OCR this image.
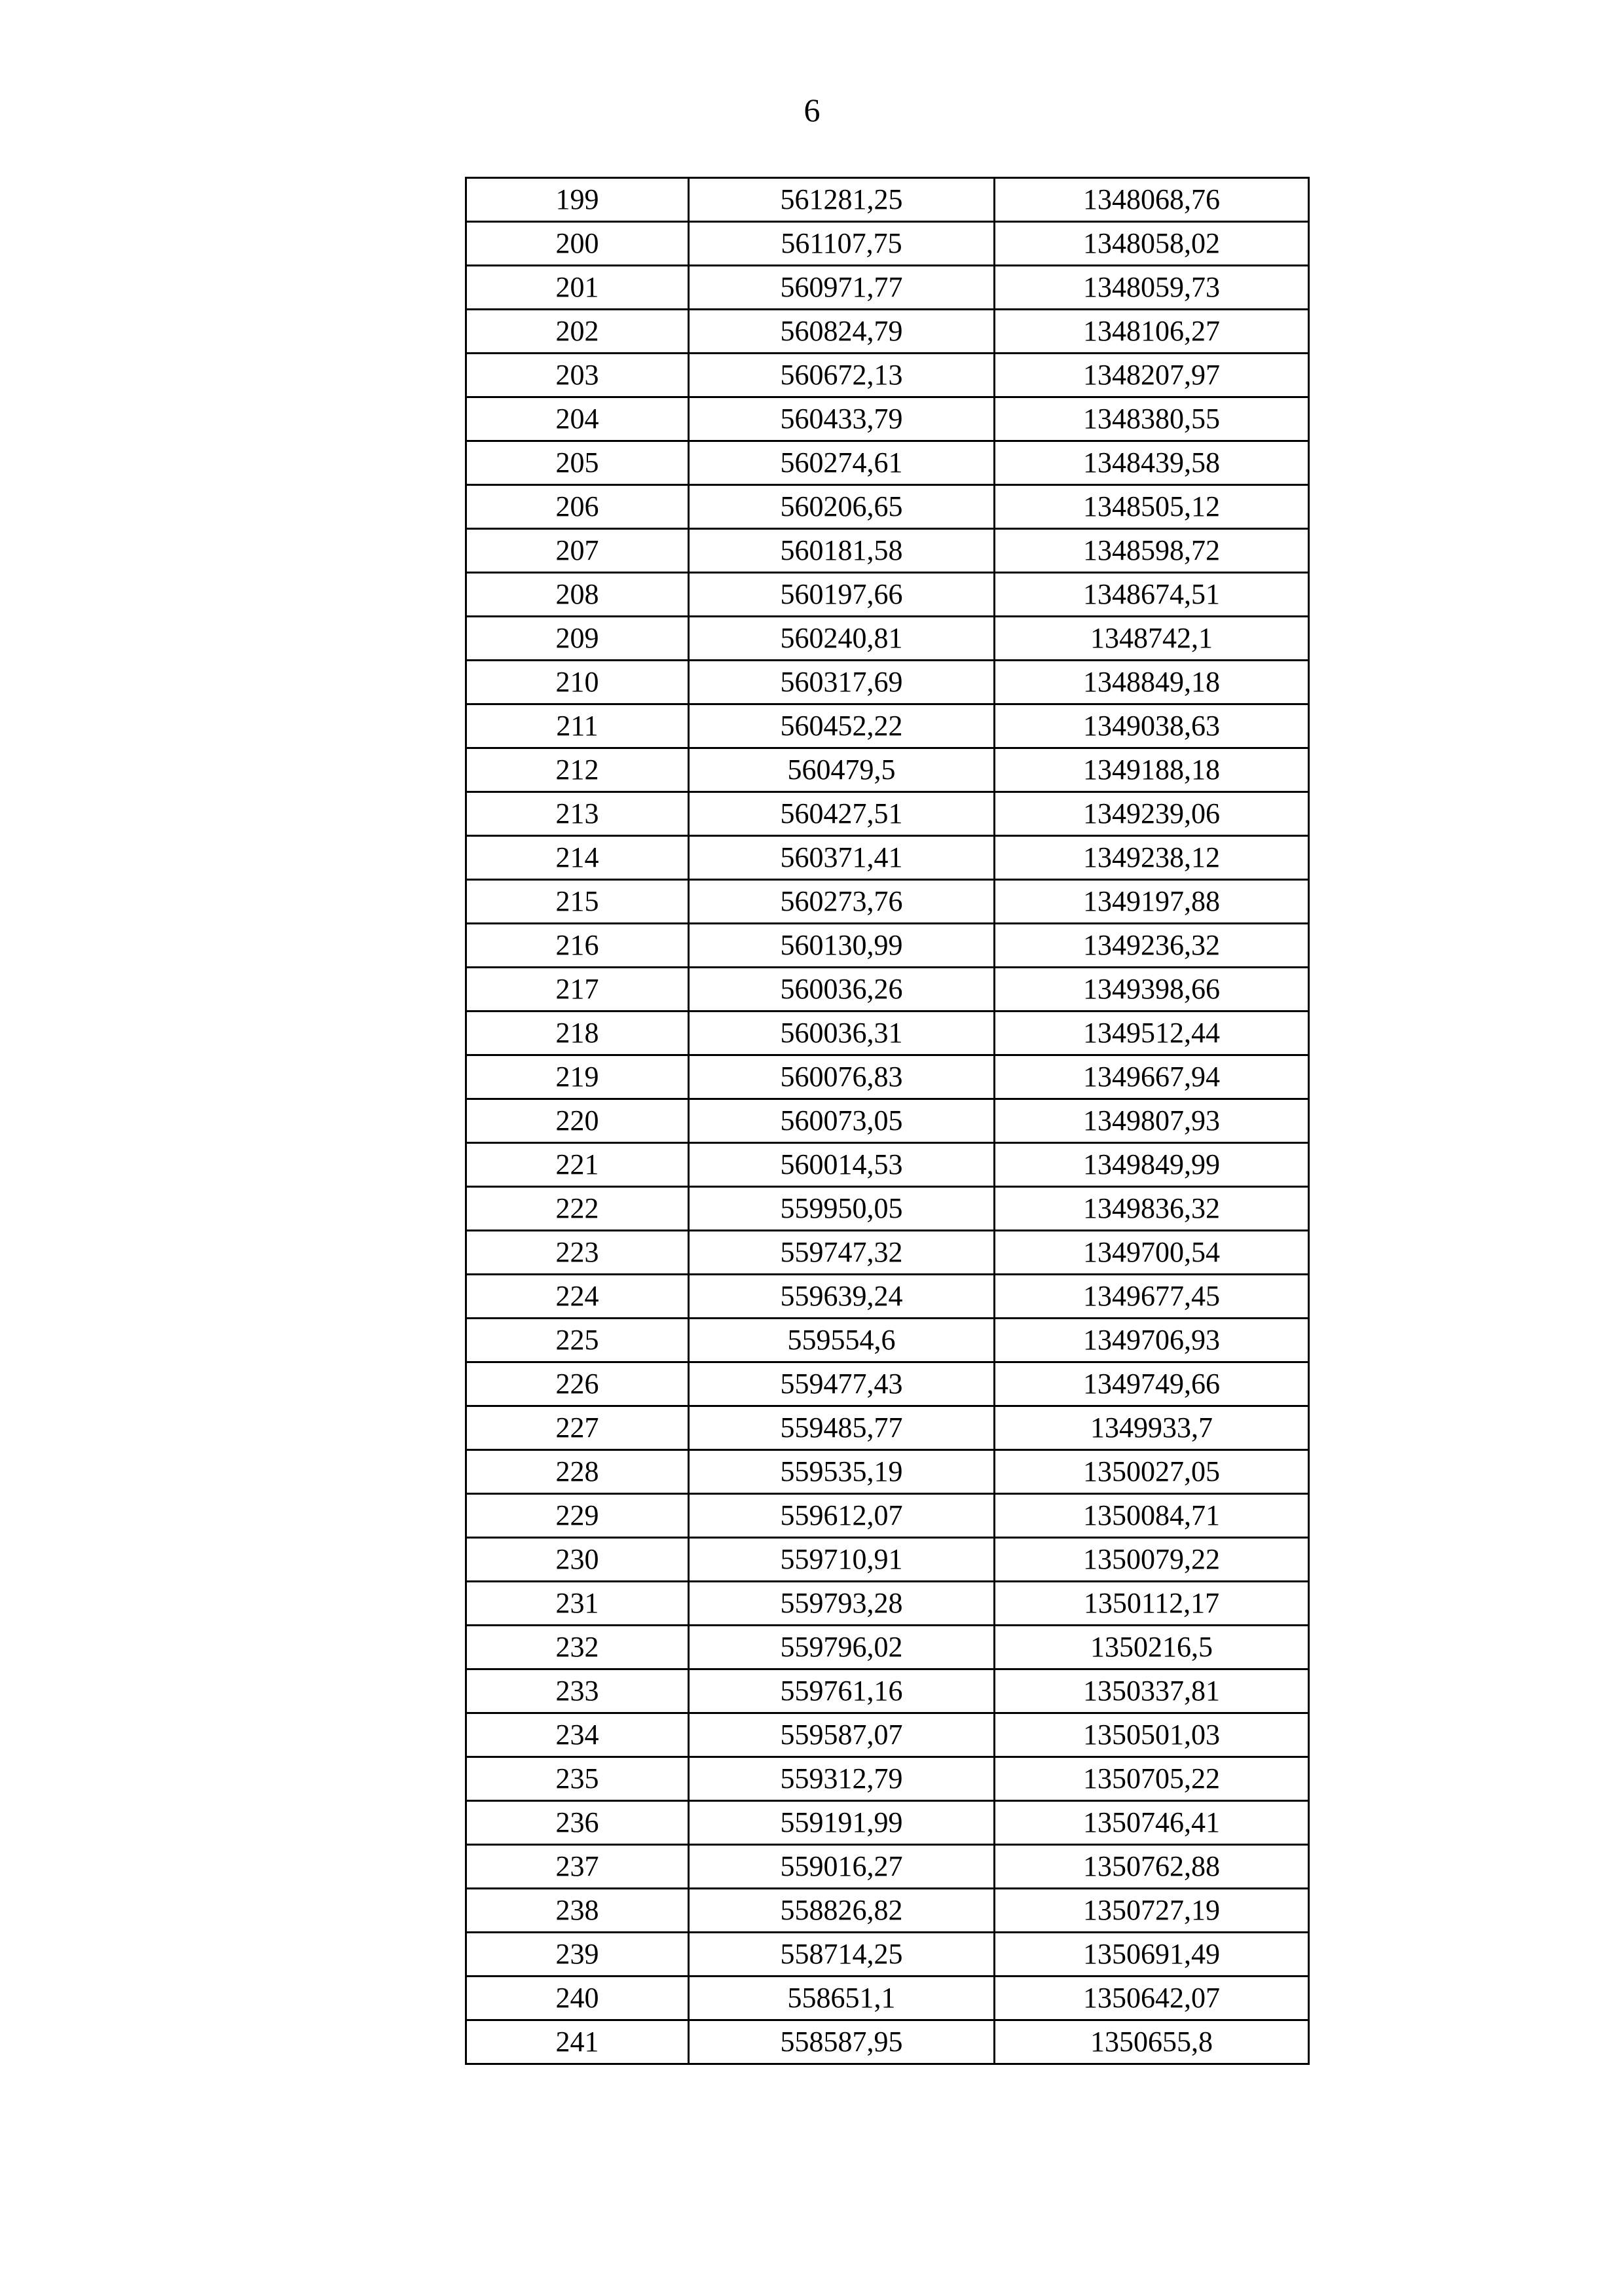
6
199	561281,25	1348068,76
200	561107,75	1348058,02
201	560971,77	1348059,73
202	560824,79	1348106,27
203	560672,13	1348207,97
204	560433,79	1348380,55
205	560274,61	1348439,58
206	560206,65	1348505,12
207	560181,58	1348598,72
208	560197,66	1348674,51
209	560240,81	1348742,1
210	560317,69	1348849,18
211	560452,22	1349038,63
212	560479,5	1349188,18
213	560427,51	1349239,06
214	560371,41	1349238,12
215	560273,76	1349197,88
216	560130,99	1349236,32
217	560036,26	1349398,66
218	560036,31	1349512,44
219	560076,83	1349667,94
220	560073,05	1349807,93
221	560014,53	1349849,99
222	559950,05	1349836,32
223	559747,32	1349700,54
224	559639,24	1349677,45
225	559554,6	1349706,93
226	559477,43	1349749,66
227	559485,77	1349933,7
228	559535,19	1350027,05
229	559612,07	1350084,71
230	559710,91	1350079,22
231	559793,28	1350112,17
232	559796,02	1350216,5
233	559761,16	1350337,81
234	559587,07	1350501,03
235	559312,79	1350705,22
236	559191,99	1350746,41
237	559016,27	1350762,88
238	558826,82	1350727,19
239	558714,25	1350691,49
240	558651,1	1350642,07
241	558587,95	1350655,8
